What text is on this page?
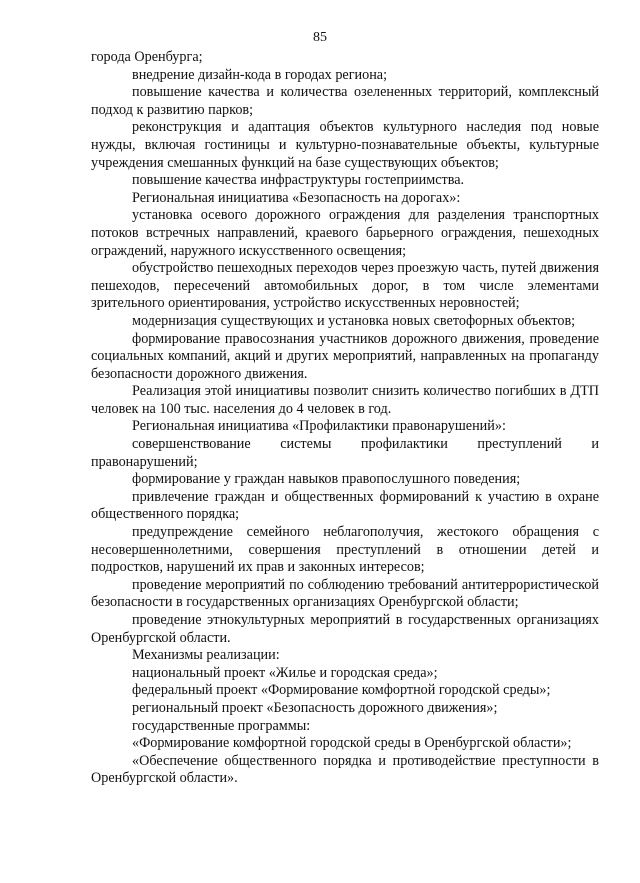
85

города Оренбурга;

внедрение дизайн-кода в городах региона;

повышение качества и количества озелененных территорий, комплексный подход к развитию парков;

реконструкция и адаптация объектов культурного наследия под новые нужды, включая гостиницы и культурно-познавательные объекты, культурные учреждения смешанных функций на базе существующих объектов;

повышение качества инфраструктуры гостеприимства.

Региональная инициатива «Безопасность на дорогах»:

установка осевого дорожного ограждения для разделения транспортных потоков встречных направлений, краевого барьерного ограждения, пешеходных ограждений, наружного искусственного освещения;

обустройство пешеходных переходов через проезжую часть, путей движения пешеходов, пересечений автомобильных дорог, в том числе элементами зрительного ориентирования, устройство искусственных неровностей;

модернизация существующих и установка новых светофорных объектов;

формирование правосознания участников дорожного движения, проведение социальных компаний, акций и других мероприятий, направленных на пропаганду безопасности дорожного движения.

Реализация этой инициативы позволит снизить количество погибших в ДТП человек на 100 тыс. населения до 4 человек в год.

Региональная инициатива «Профилактики правонарушений»:

совершенствование системы профилактики преступлений и правонарушений;

формирование у граждан навыков правопослушного поведения;

привлечение граждан и общественных формирований к участию в охране общественного порядка;

предупреждение семейного неблагополучия, жестокого обращения с несовершеннолетними, совершения преступлений в отношении детей и подростков, нарушений их прав и законных интересов;

проведение мероприятий по соблюдению требований антитеррористической безопасности в государственных организациях Оренбургской области;

проведение этнокультурных мероприятий в государственных организациях Оренбургской области.

Механизмы реализации:

национальный проект «Жилье и городская среда»;

федеральный проект «Формирование комфортной городской среды»;

региональный проект «Безопасность дорожного движения»;

государственные программы:

«Формирование комфортной городской среды в Оренбургской области»;

«Обеспечение общественного порядка и противодействие преступности в Оренбургской области».
